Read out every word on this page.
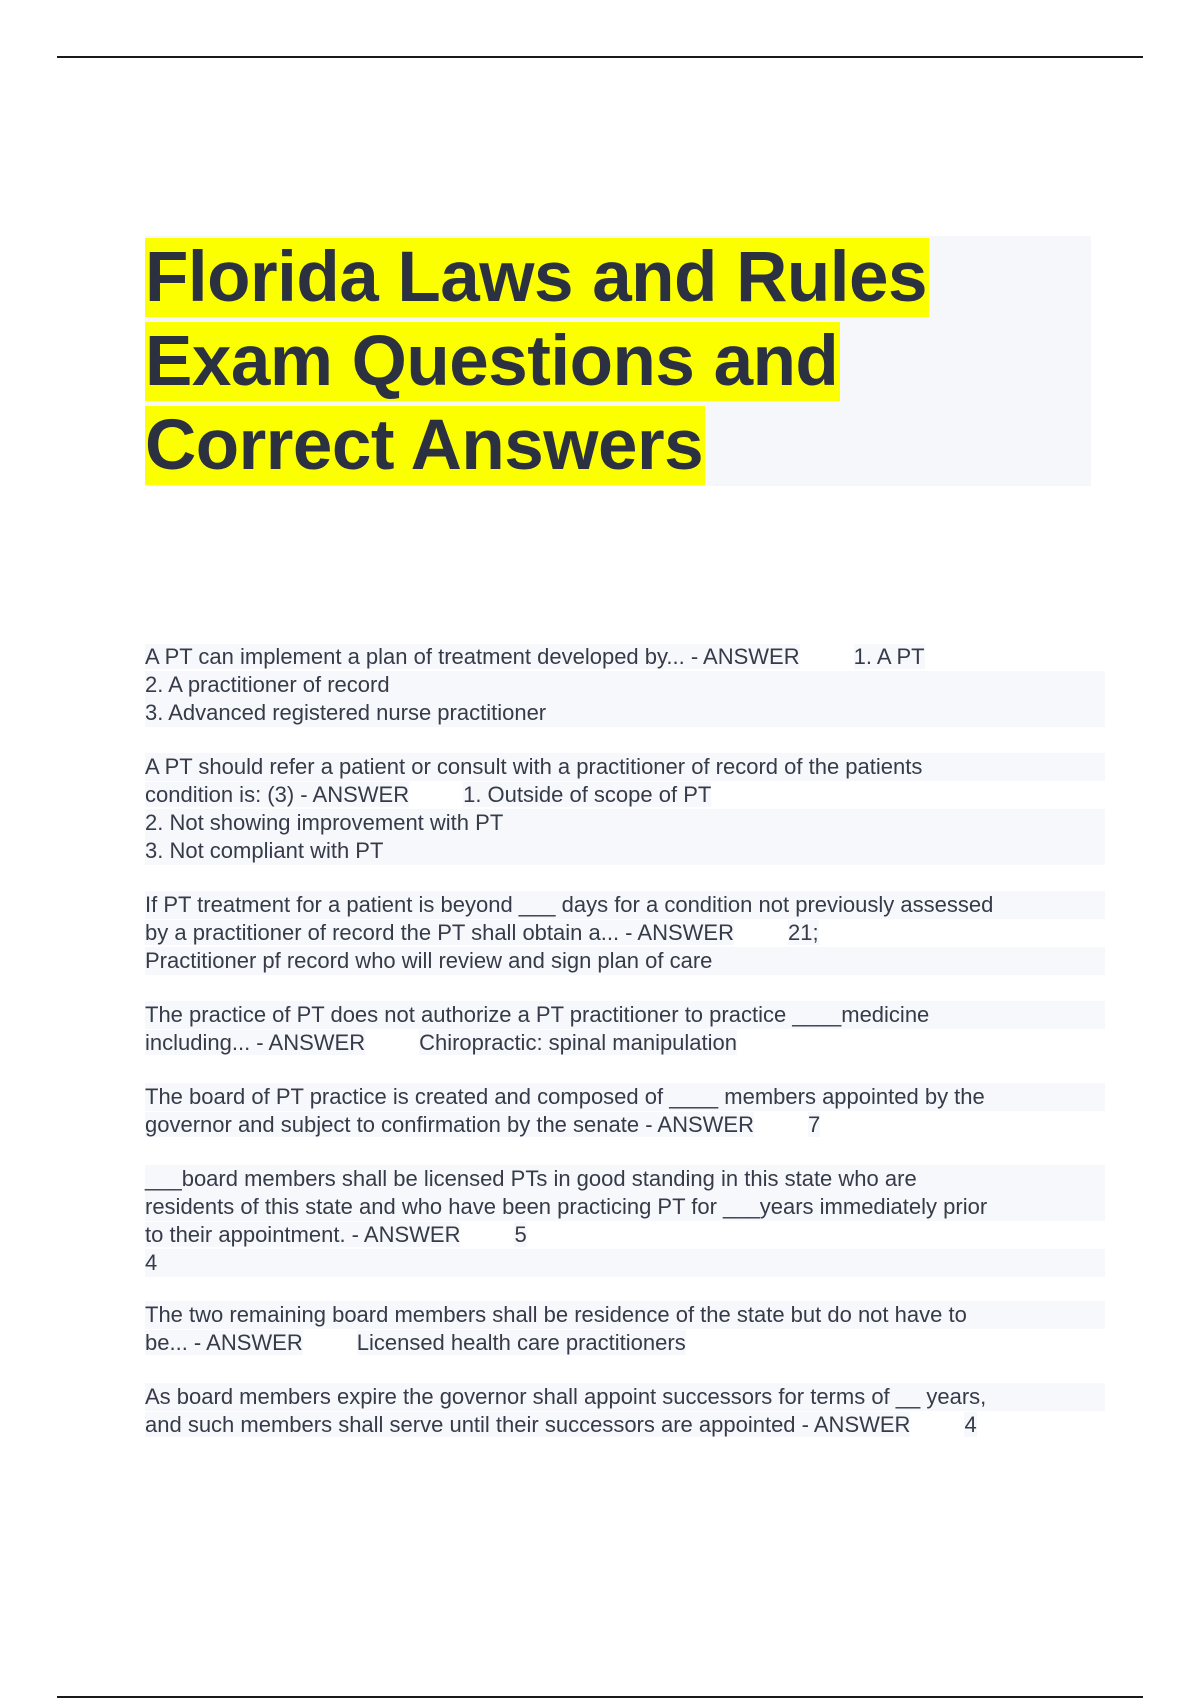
Florida Laws and Rules
Exam Questions and
Correct Answers
A PT can implement a plan of treatment developed by... - ANSWER 1. A PT
2. A practitioner of record
3. Advanced registered nurse practitioner
A PT should refer a patient or consult with a practitioner of record of the patients
condition is: (3) - ANSWER 1. Outside of scope of PT
2. Not showing improvement with PT
3. Not compliant with PT
If PT treatment for a patient is beyond ___ days for a condition not previously assessed
by a practitioner of record the PT shall obtain a... - ANSWER 21;
Practitioner pf record who will review and sign plan of care
The practice of PT does not authorize a PT practitioner to practice ____medicine
including... - ANSWER Chiropractic: spinal manipulation
The board of PT practice is created and composed of ____ members appointed by the
governor and subject to confirmation by the senate - ANSWER 7
___board members shall be licensed PTs in good standing in this state who are
residents of this state and who have been practicing PT for ___years immediately prior
to their appointment. - ANSWER 5
4
The two remaining board members shall be residence of the state but do not have to
be... - ANSWER Licensed health care practitioners
As board members expire the governor shall appoint successors for terms of __ years,
and such members shall serve until their successors are appointed - ANSWER 4
